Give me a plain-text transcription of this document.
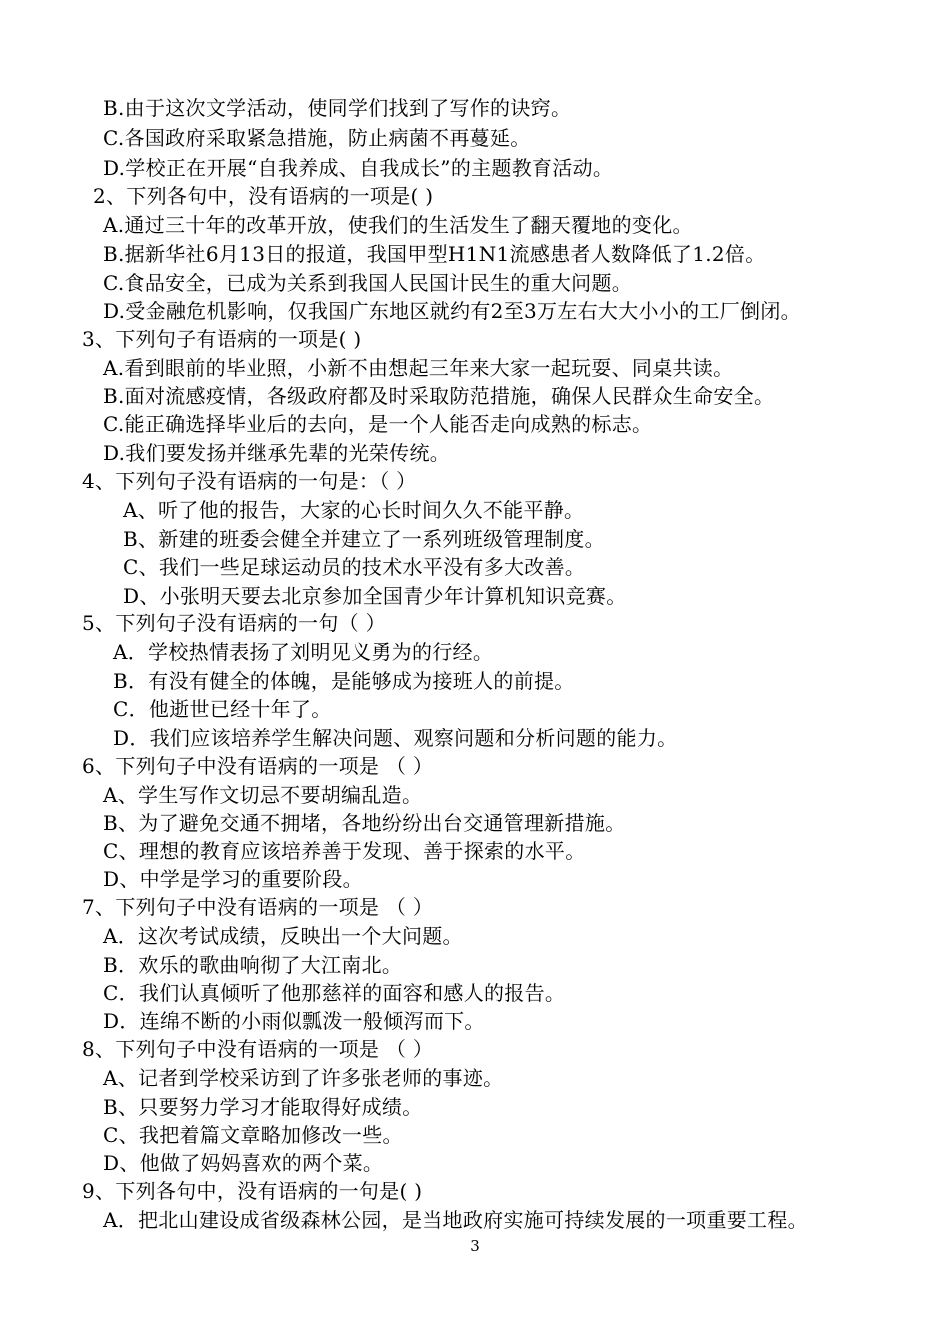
B.由于这次文学活动，使同学们找到了写作的诀窍。
C.各国政府采取紧急措施，防止病菌不再蔓延。
D.学校正在开展“自我养成、自我成长”的主题教育活动。
2、下列各句中，没有语病的一项是( )
A.通过三十年的改革开放，使我们的生活发生了翻天覆地的变化。
B.据新华社6月13日的报道，我国甲型H1N1流感患者人数降低了1.2倍。
C.食品安全，已成为关系到我国人民国计民生的重大问题。
D.受金融危机影响，仅我国广东地区就约有2至3万左右大大小小的工厂倒闭。
3、下列句子有语病的一项是( )
A.看到眼前的毕业照，小新不由想起三年来大家一起玩耍、同桌共读。
B.面对流感疫情，各级政府都及时采取防范措施，确保人民群众生命安全。
C.能正确选择毕业后的去向，是一个人能否走向成熟的标志。
D.我们要发扬并继承先辈的光荣传统。
4、下列句子没有语病的一句是：（ ）
A、听了他的报告，大家的心长时间久久不能平静。
B、新建的班委会健全并建立了一系列班级管理制度。
C、我们一些足球运动员的技术水平没有多大改善。
D、小张明天要去北京参加全国青少年计算机知识竞赛。
5、下列句子没有语病的一句（ ）
A．学校热情表扬了刘明见义勇为的行经。
B．有没有健全的体魄，是能够成为接班人的前提。
C．他逝世已经十年了。
D．我们应该培养学生解决问题、观察问题和分析问题的能力。
6、下列句子中没有语病的一项是 （ ）
A、学生写作文切忌不要胡编乱造。
B、为了避免交通不拥堵，各地纷纷出台交通管理新措施。
C、理想的教育应该培养善于发现、善于探索的水平。
D、中学是学习的重要阶段。
7、下列句子中没有语病的一项是 （ ）
A．这次考试成绩，反映出一个大问题。
B．欢乐的歌曲响彻了大江南北。
C．我们认真倾听了他那慈祥的面容和感人的报告。
D．连绵不断的小雨似瓢泼一般倾泻而下。
8、下列句子中没有语病的一项是 （ ）
A、记者到学校采访到了许多张老师的事迹。
B、只要努力学习才能取得好成绩。
C、我把着篇文章略加修改一些。
D、他做了妈妈喜欢的两个菜。
9、下列各句中，没有语病的一句是( )
A．把北山建设成省级森林公园，是当地政府实施可持续发展的一项重要工程。
3
